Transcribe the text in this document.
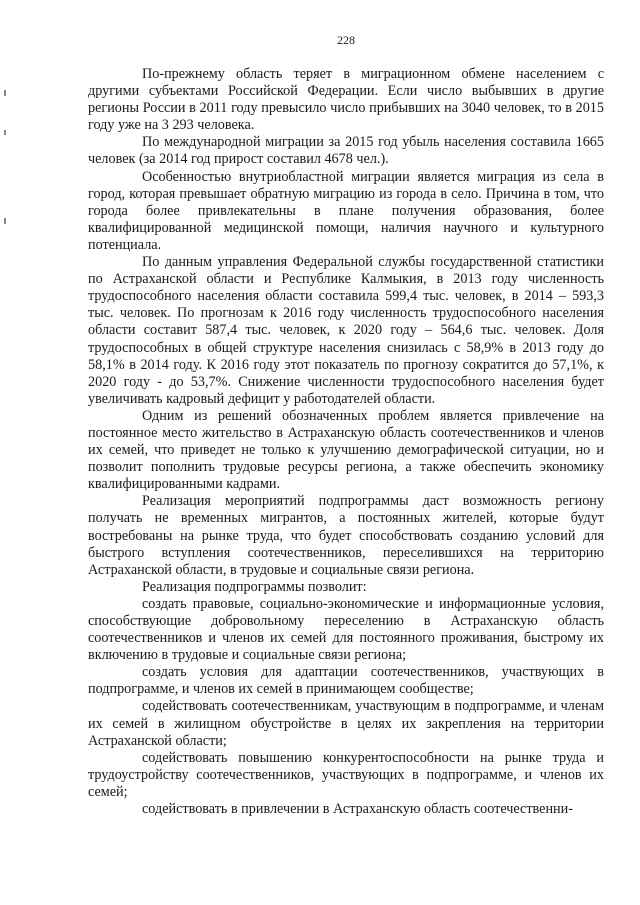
228

По-прежнему область теряет в миграционном обмене населением с другими субъектами Российской Федерации. Если число выбывших в другие регионы России в 2011 году превысило число прибывших на 3040 человек, то в 2015 году уже на 3 293 человека.

По международной миграции за 2015 год убыль населения составила 1665 человек (за 2014 год прирост составил 4678 чел.).

Особенностью внутриобластной миграции является миграция из села в город, которая превышает обратную миграцию из города в село. Причина в том, что города более привлекательны в плане получения образования, более квалифицированной медицинской помощи, наличия научного и культурного потенциала.

По данным управления Федеральной службы государственной статистики по Астраханской области и Республике Калмыкия, в 2013 году численность трудоспособного населения области составила 599,4 тыс. человек, в 2014 – 593,3 тыс. человек. По прогнозам к 2016 году численность трудоспособного населения области составит 587,4 тыс. человек, к 2020 году – 564,6 тыс. человек. Доля трудоспособных в общей структуре населения снизилась с 58,9% в 2013 году до 58,1% в 2014 году. К 2016 году этот показатель по прогнозу сократится до 57,1%, к 2020 году - до 53,7%. Снижение численности трудоспособного населения будет увеличивать кадровый дефицит у работодателей области.

Одним из решений обозначенных проблем является привлечение на постоянное место жительство в Астраханскую область соотечественников и членов их семей, что приведет не только к улучшению демографической ситуации, но и позволит пополнить трудовые ресурсы региона, а также обеспечить экономику квалифицированными кадрами.

Реализация мероприятий подпрограммы даст возможность региону получать не временных мигрантов, а постоянных жителей, которые будут востребованы на рынке труда, что будет способствовать созданию условий для быстрого вступления соотечественников, переселившихся на территорию Астраханской области, в трудовые и социальные связи региона.

Реализация подпрограммы позволит:

создать правовые, социально-экономические и информационные условия, способствующие добровольному переселению в Астраханскую область соотечественников и членов их семей для постоянного проживания, быстрому их включению в трудовые и социальные связи региона;

создать условия для адаптации соотечественников, участвующих в подпрограмме, и членов их семей в принимающем сообществе;

содействовать соотечественникам, участвующим в подпрограмме, и членам их семей в жилищном обустройстве в целях их закрепления на территории Астраханской области;

содействовать повышению конкурентоспособности на рынке труда и трудоустройству соотечественников, участвующих в подпрограмме, и членов их семей;

содействовать в привлечении в Астраханскую область соотечественни-
